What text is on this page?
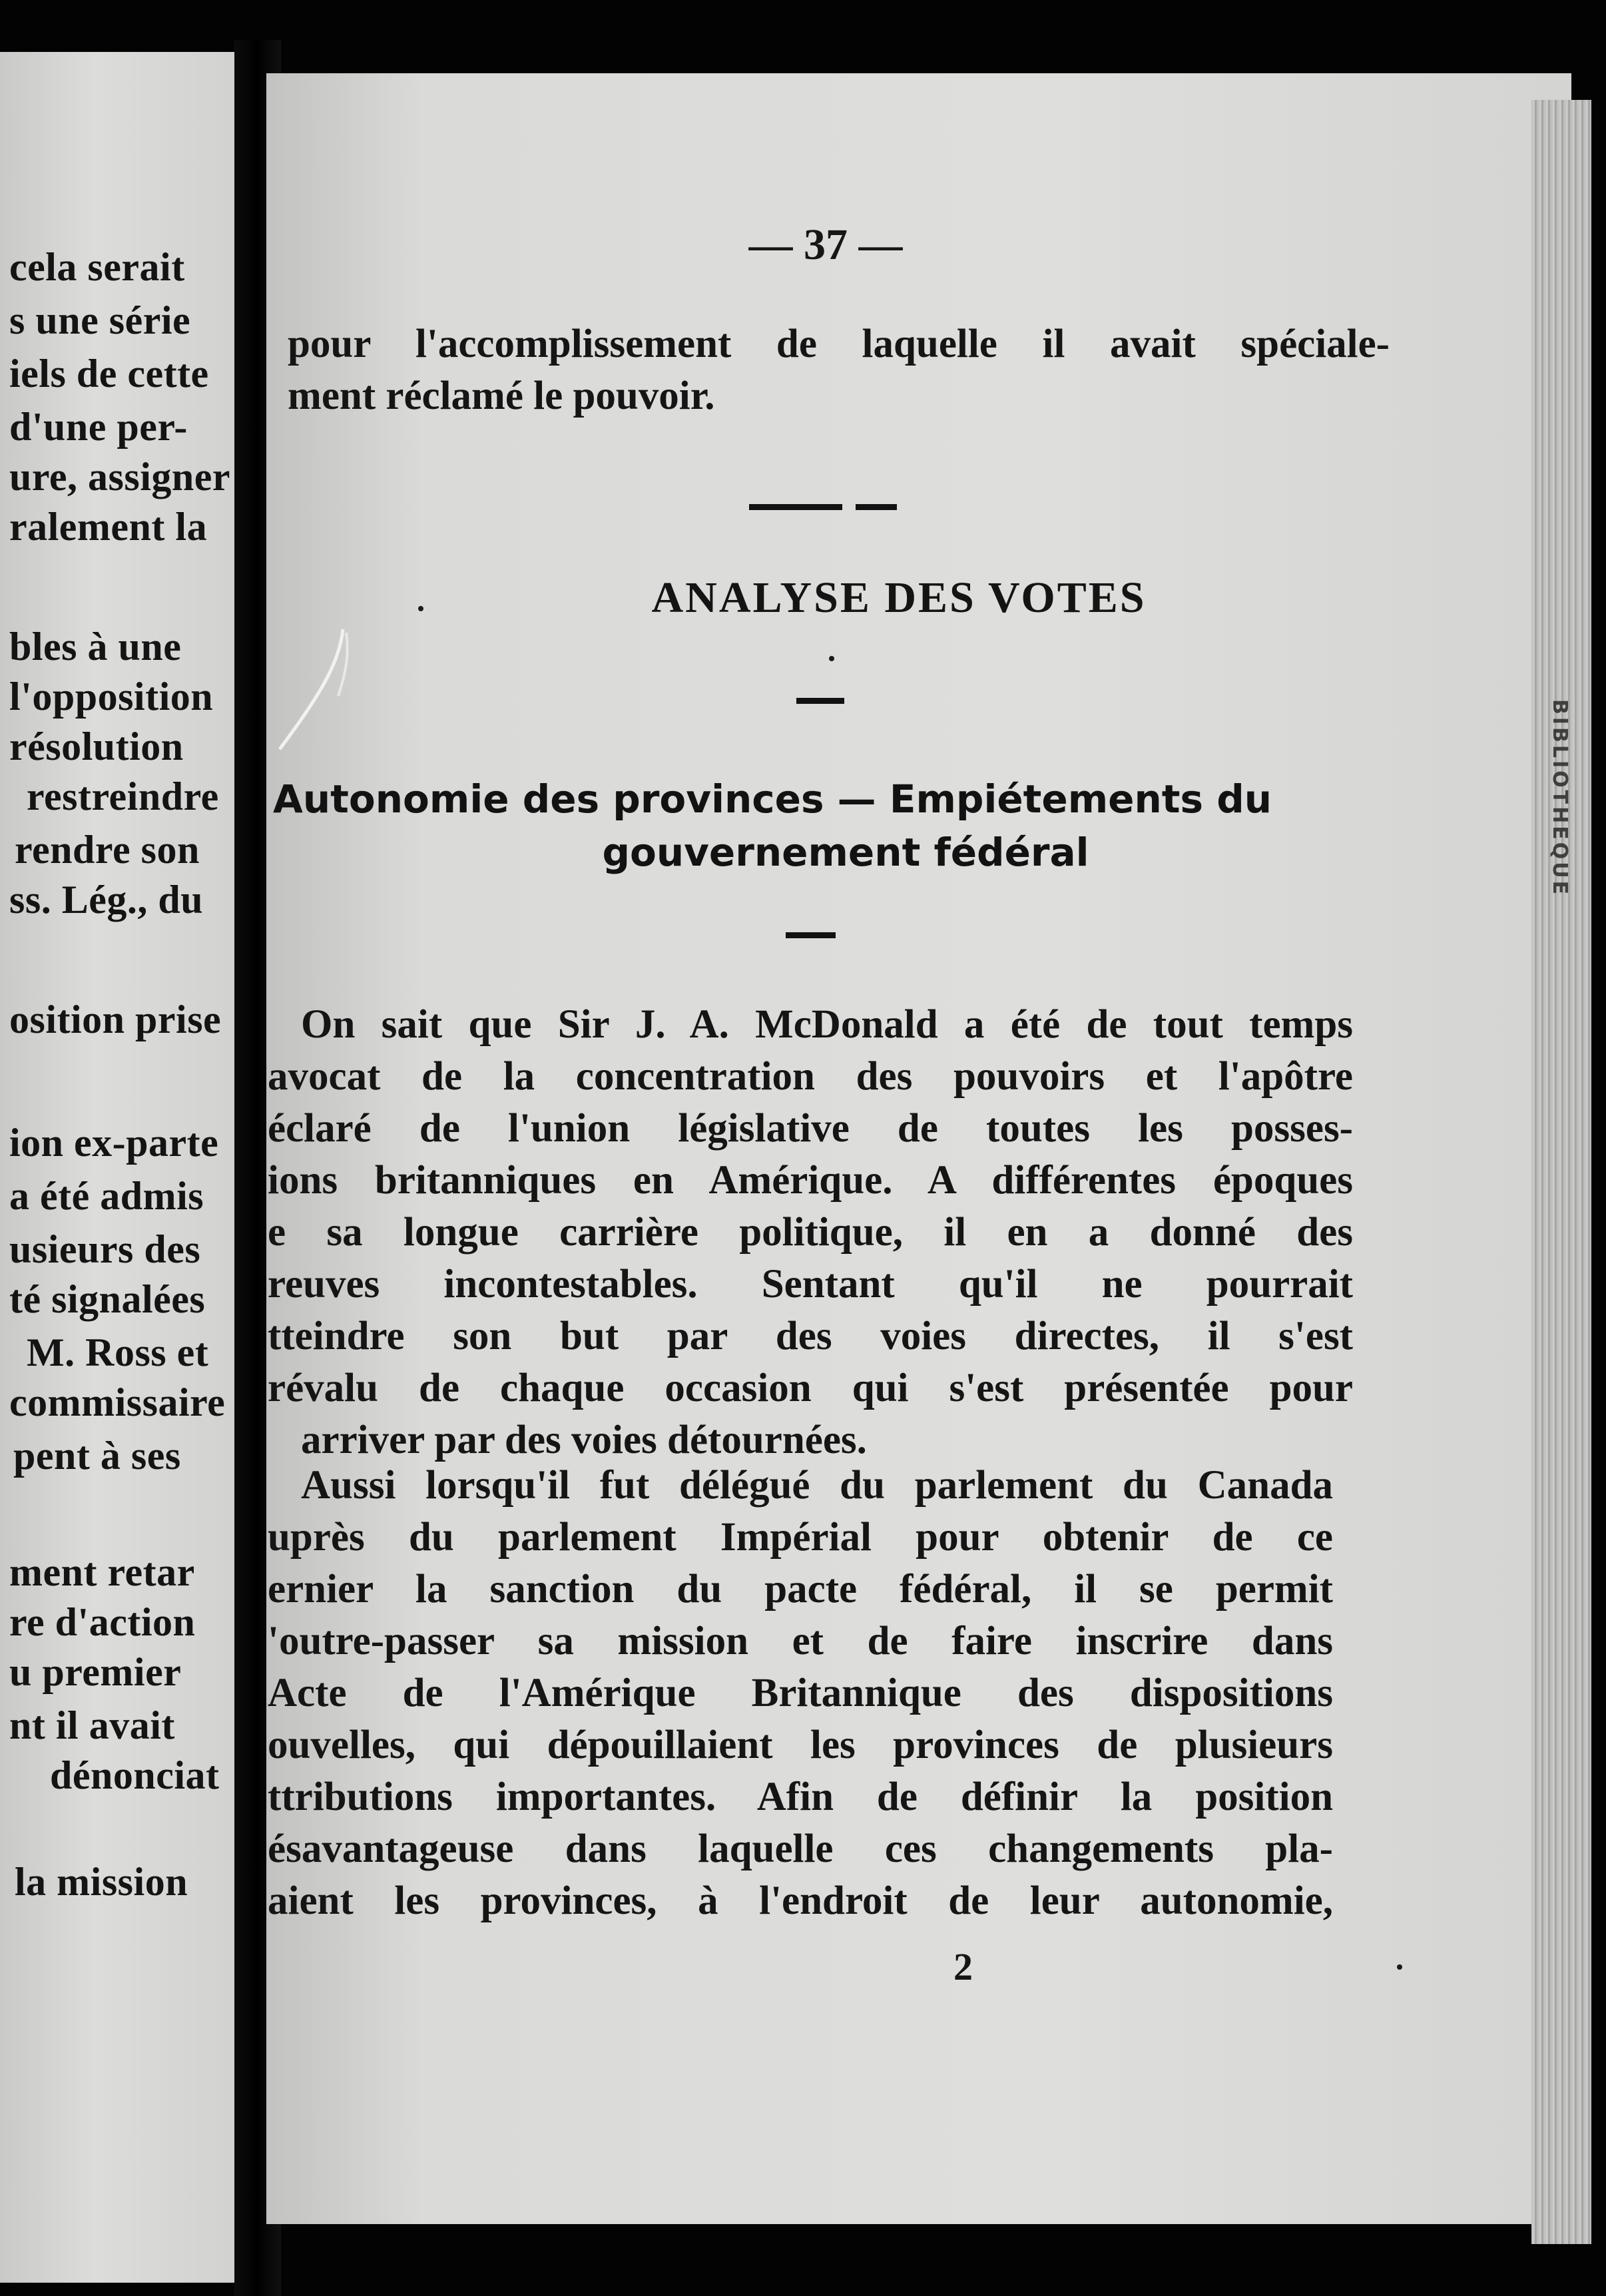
cela serait
s une série
iels de cette
d'une per-
ure, assigner
ralement la
bles à une
l'opposition
résolution
restreindre
rendre son
ss. Lég., du
osition prise
ion ex-parte
a été admis
usieurs des
té signalées
M. Ross et
commissaire
pent à ses
ment retar
re d'action
u premier
nt il avait
dénonciat
la mission
BIBLIOTHEQUE
— 37 —
pour l'accomplissement de laquelle il avait spéciale-
ment réclamé le pouvoir.
ANALYSE DES VOTES
Autonomie des provinces — Empiétements du
gouvernement fédéral
On sait que Sir J. A. McDonald a été de tout temps
avocat de la concentration des pouvoirs et l'apôtre
éclaré de l'union législative de toutes les posses-
ions britanniques en Amérique. A différentes époques
e sa longue carrière politique, il en a donné des
reuves incontestables. Sentant qu'il ne pourrait
tteindre son but par des voies directes, il s'est
révalu de chaque occasion qui s'est présentée pour
arriver par des voies détournées.
Aussi lorsqu'il fut délégué du parlement du Canada
uprès du parlement Impérial pour obtenir de ce
ernier la sanction du pacte fédéral, il se permit
'outre-passer sa mission et de faire inscrire dans
Acte de l'Amérique Britannique des dispositions
ouvelles, qui dépouillaient les provinces de plusieurs
ttributions importantes. Afin de définir la position
ésavantageuse dans laquelle ces changements pla-
aient les provinces, à l'endroit de leur autonomie,
2
